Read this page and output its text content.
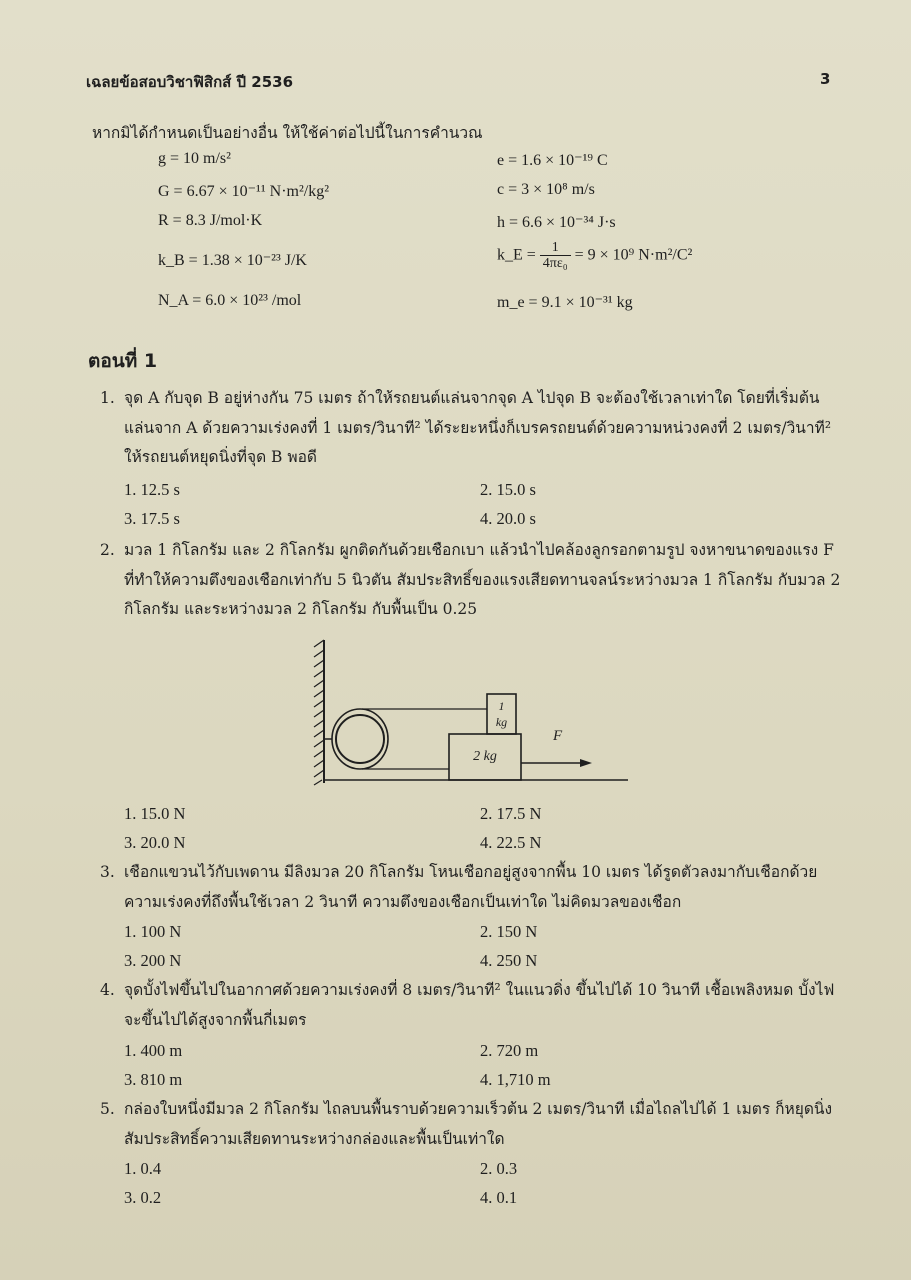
เฉลยข้อสอบวิชาฟิสิกส์ ปี 2536	3
หากมิได้กำหนดเป็นอย่างอื่น ให้ใช้ค่าต่อไปนี้ในการคำนวณ
g = 10 m/s²
G = 6.67 × 10⁻¹¹ N·m²/kg²
R = 8.3 J/mol·K
k_B = 1.38 × 10⁻²³ J/K
N_A = 6.0 × 10²³ /mol
e = 1.6 × 10⁻¹⁹ C
c = 3 × 10⁸ m/s
h = 6.6 × 10⁻³⁴ J·s
k_E = $\frac{1}{\text{4πε₀}} = 9 \times 10^9$ N·m²/C²
m_e = 9.1 × 10⁻³¹ kg
ตอนที่ 1
1. จุด A กับจุด B อยู่ห่างกัน 75 เมตร ถ้าให้รถยนต์แล่นจากจุด A ไปจุด B จะต้องใช้เวลาเท่าใด โดยที่เริ่มต้นแล่นจาก A ด้วยความเร่งคงที่ 1 เมตร/วินาที² ได้ระยะหนึ่งก็เบรครถยนต์ด้วยความหน่วงคงที่ 2 เมตร/วินาที² ให้รถยนต์หยุดนิ่งที่จุด B พอดี
1. 12.5 s	2. 15.0 s
3. 17.5 s	4. 20.0 s
2. มวล 1 กิโลกรัม และ 2 กิโลกรัม ผูกติดกันด้วยเชือกเบา แล้วนำไปคล้องลูกรอกตามรูป จงหาขนาดของแรง F ที่ทำให้ความตึงของเชือกเท่ากับ 5 นิวตัน สัมประสิทธิ์ของแรงเสียดทานจลน์ระหว่างมวล 1 กิโลกรัม กับมวล 2 กิโลกรัม และระหว่างมวล 2 กิโลกรัม กับพื้นเป็น 0.25
1
kg
2 kg
F
1. 15.0 N	2. 17.5 N
3. 20.0 N	4. 22.5 N
3. เชือกแขวนไว้กับเพดาน มีลิงมวล 20 กิโลกรัม โหนเชือกอยู่สูงจากพื้น 10 เมตร ได้รูดตัวลงมากับเชือกด้วยความเร่งคงที่ถึงพื้นใช้เวลา 2 วินาที ความตึงของเชือกเป็นเท่าใด ไม่คิดมวลของเชือก
1. 100 N	2. 150 N
3. 200 N	4. 250 N
4. จุดบั้งไฟขึ้นไปในอากาศด้วยความเร่งคงที่ 8 เมตร/วินาที² ในแนวดิ่ง ขึ้นไปได้ 10 วินาที เชื้อเพลิงหมด บั้งไฟจะขึ้นไปได้สูงจากพื้นกี่เมตร
1. 400 m	2. 720 m
3. 810 m	4. 1,710 m
5. กล่องใบหนึ่งมีมวล 2 กิโลกรัม ไถลบนพื้นราบด้วยความเร็วต้น 2 เมตร/วินาที เมื่อไถลไปได้ 1 เมตร ก็หยุดนิ่ง สัมประสิทธิ์ความเสียดทานระหว่างกล่องและพื้นเป็นเท่าใด
1. 0.4	2. 0.3
3. 0.2	4. 0.1
